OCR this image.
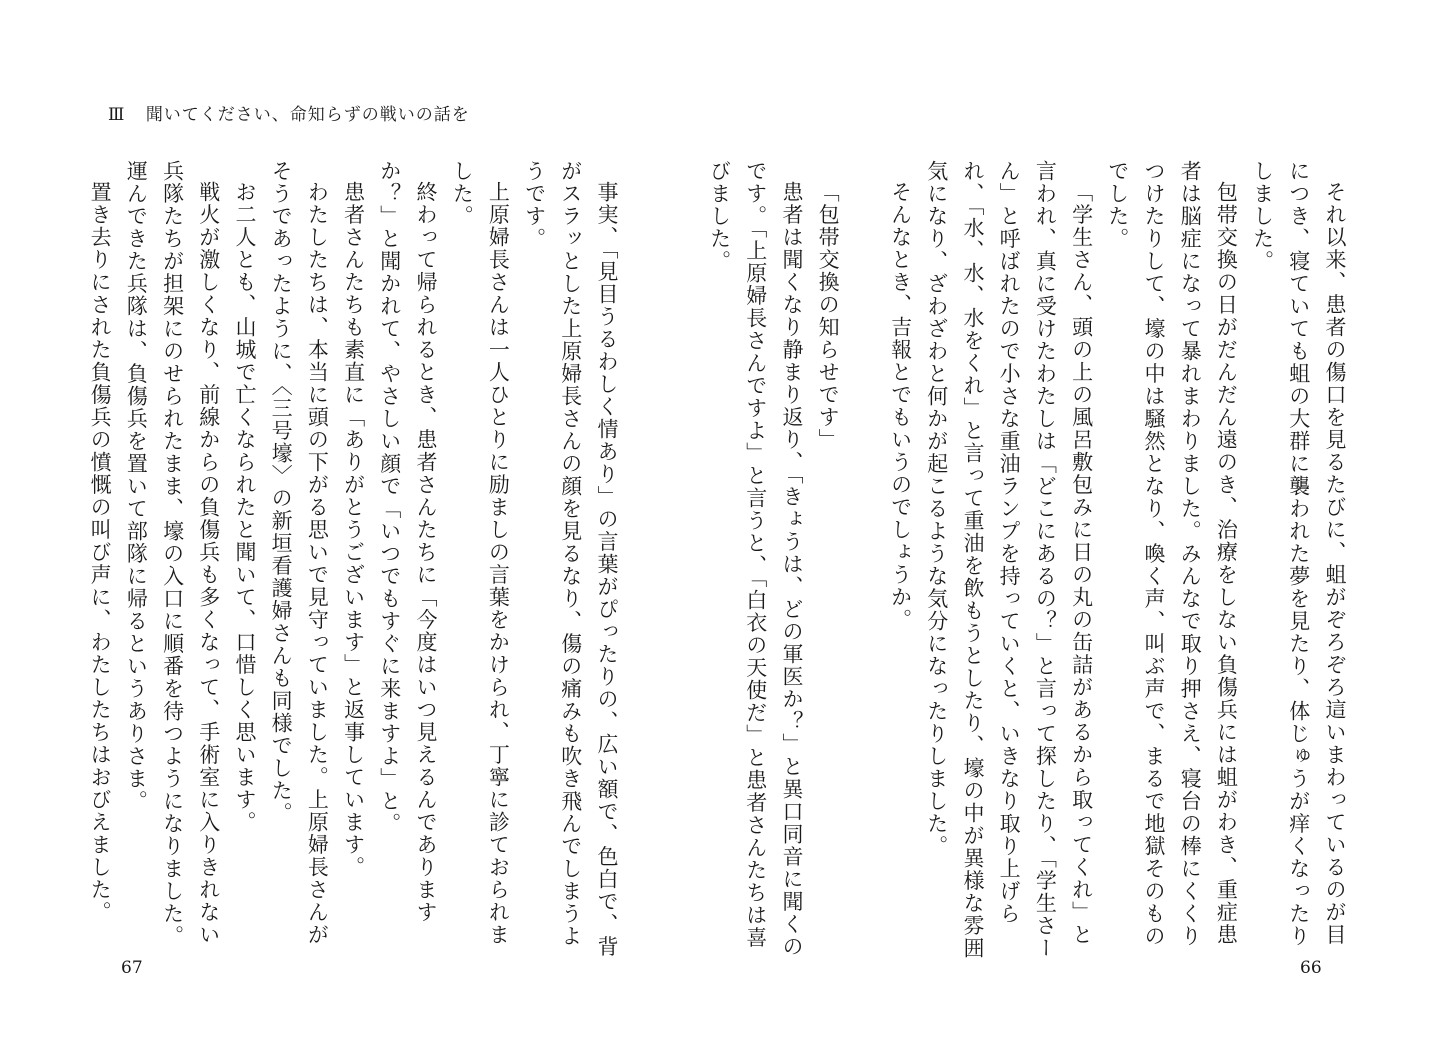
Ⅲ 聞いてください、命知らずの戦いの話を

それ以来、患者の傷口を見るたびに、蛆がぞろぞろ這いまわっているのが目につき、寝ていても蛆の大群に襲われた夢を見たり、体じゅうが痒くなったりしました。

包帯交換の日がだんだん遠のき、治療をしない負傷兵には蛆がわき、重症患者は脳症になって暴れまわりました。みんなで取り押さえ、寝台の棒にくくりつけたりして、壕の中は騒然となり、喚く声、叫ぶ声で、まるで地獄そのものでした。

「学生さん、頭の上の風呂敷包みに日の丸の缶詰があるから取ってくれ」と言われ、真に受けたわたしは「どこにあるの？」と言って探したり、「学生さーん」と呼ばれたので小さな重油ランプを持っていくと、いきなり取り上げられ、「水、水、水をくれ」と言って重油を飲もうとしたり、壕の中が異様な雰囲気になり、ざわざわと何かが起こるような気分になったりしました。

そんなとき、吉報とでもいうのでしょうか。

「包帯交換の知らせです」

患者は聞くなり静まり返り、「きょうは、どの軍医か？」と異口同音に聞くのです。「上原婦長さんですよ」と言うと、「白衣の天使だ」と患者さんたちは喜びました。

事実、「見目うるわしく情あり」の言葉がぴったりの、広い額で、色白で、背がスラッとした上原婦長さんの顔を見るなり、傷の痛みも吹き飛んでしまうようです。

上原婦長さんは一人ひとりに励ましの言葉をかけられ、丁寧に診ておられました。

終わって帰られるとき、患者さんたちに「今度はいつ見えるんでありますか？」と聞かれて、やさしい顔で「いつでもすぐに来ますよ」と。

患者さんたちも素直に「ありがとうございます」と返事しています。

わたしたちは、本当に頭の下がる思いで見守っていました。上原婦長さんがそうであったように、〈三号壕〉の新垣看護婦さんも同様でした。

お二人とも、山城で亡くなられたと聞いて、口惜しく思います。

戦火が激しくなり、前線からの負傷兵も多くなって、手術室に入りきれない兵隊たちが担架にのせられたまま、壕の入口に順番を待つようになりました。運んできた兵隊は、負傷兵を置いて部隊に帰るというありさま。

置き去りにされた負傷兵の憤慨の叫び声に、わたしたちはおびえました。

67	66
